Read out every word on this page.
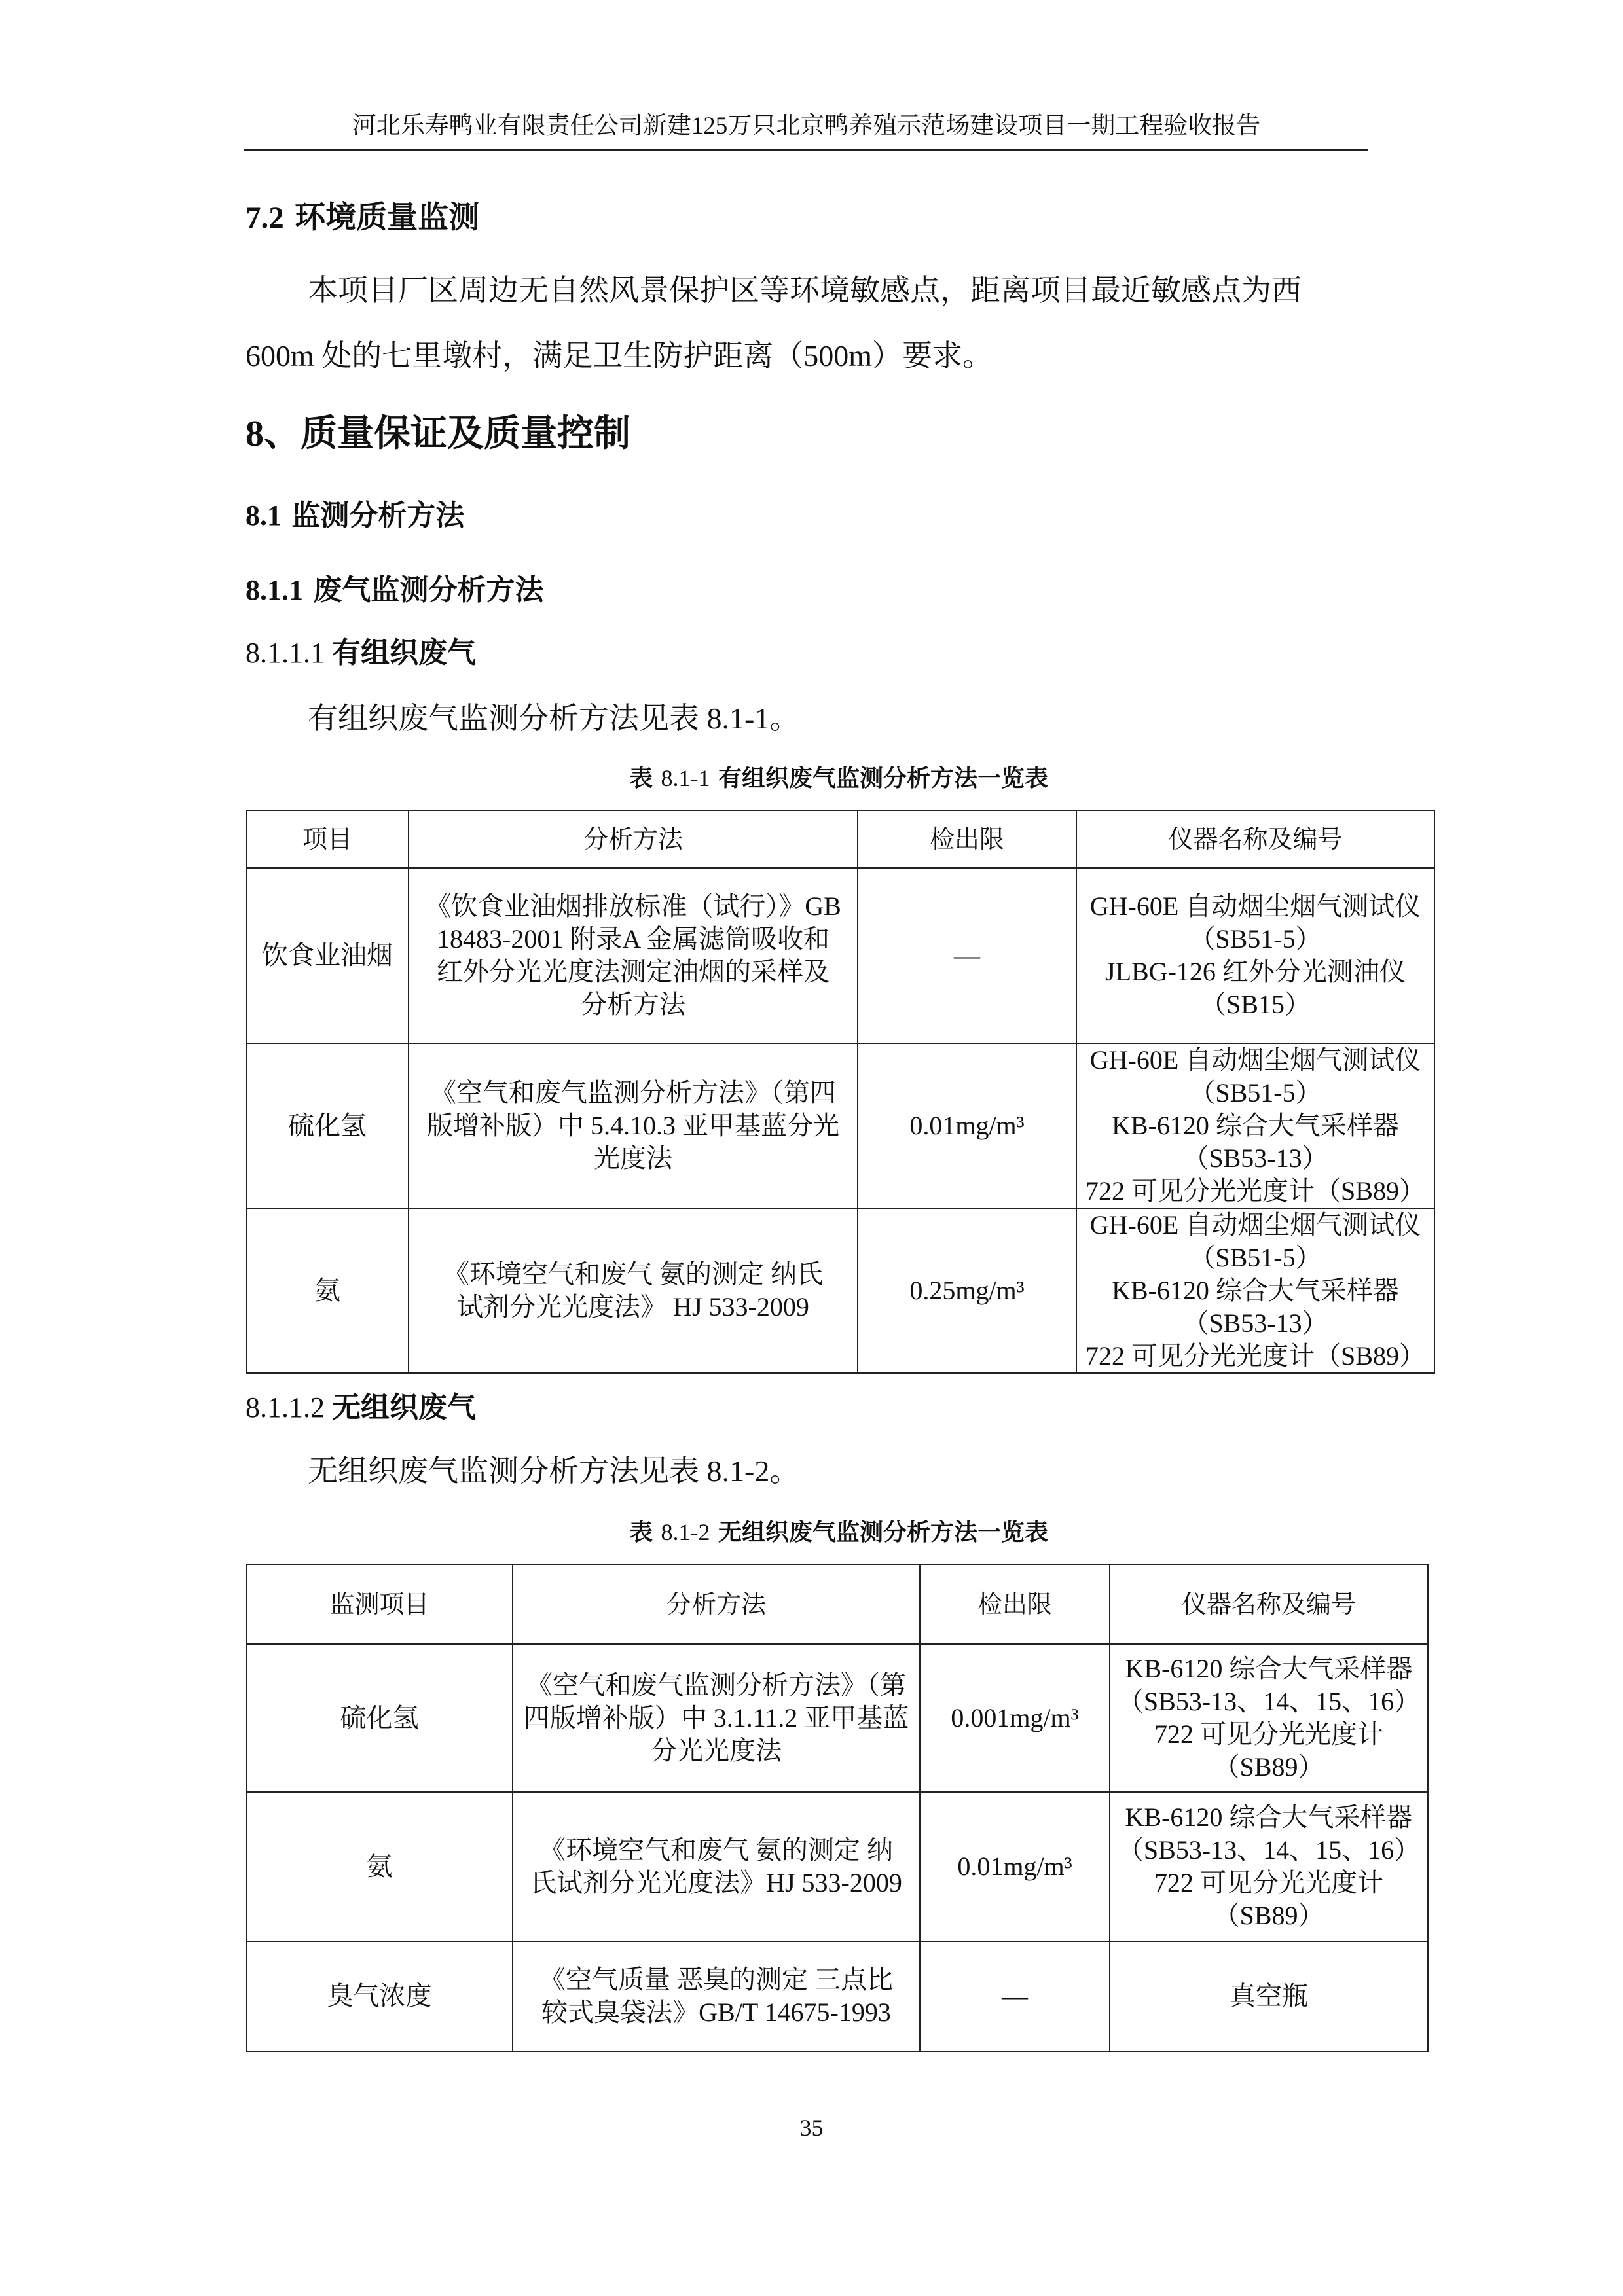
河北乐寿鸭业有限责任公司新建125万只北京鸭养殖示范场建设项目一期工程验收报告
7.2 环境质量监测
本项目厂区周边无自然风景保护区等环境敏感点，距离项目最近敏感点为西
600m 处的七里墩村，满足卫生防护距离（500m）要求。
8、质量保证及质量控制
8.1 监测分析方法
8.1.1 废气监测分析方法
8.1.1.1 有组织废气
有组织废气监测分析方法见表 8.1-1。
表 8.1-1 有组织废气监测分析方法一览表
项目	分析方法	检出限	仪器名称及编号
饮食业油烟	《饮食业油烟排放标准（试行）》GB
18483-2001 附录A 金属滤筒吸收和
红外分光光度法测定油烟的采样及
分析方法	—	GH-60E 自动烟尘烟气测试仪
（SB51-5）
JLBG-126 红外分光测油仪
（SB15）

硫化氢	《空气和废气监测分析方法》（第四
版增补版）中 5.4.10.3 亚甲基蓝分光
光度法	0.01mg/m³	GH-60E 自动烟尘烟气测试仪
（SB51-5）
KB-6120 综合大气采样器
（SB53-13）
722 可见分光光度计（SB89）

氨	《环境空气和废气 氨的测定 纳氏
试剂分光光度法》 HJ 533-2009	0.25mg/m³	GH-60E 自动烟尘烟气测试仪
（SB51-5）
KB-6120 综合大气采样器
（SB53-13）
722 可见分光光度计（SB89）
8.1.1.2 无组织废气
无组织废气监测分析方法见表 8.1-2。
表 8.1-2 无组织废气监测分析方法一览表
监测项目	分析方法	检出限	仪器名称及编号
硫化氢	《空气和废气监测分析方法》（第
四版增补版）中 3.1.11.2 亚甲基蓝
分光光度法	0.001mg/m³	KB-6120 综合大气采样器
（SB53-13、14、15、16）
722 可见分光光度计
（SB89）

氨	《环境空气和废气 氨的测定 纳
氏试剂分光光度法》HJ 533-2009	0.01mg/m³	KB-6120 综合大气采样器
（SB53-13、14、15、16）
722 可见分光光度计
（SB89）

臭气浓度	《空气质量 恶臭的测定 三点比
较式臭袋法》GB/T 14675-1993	—	真空瓶
35
